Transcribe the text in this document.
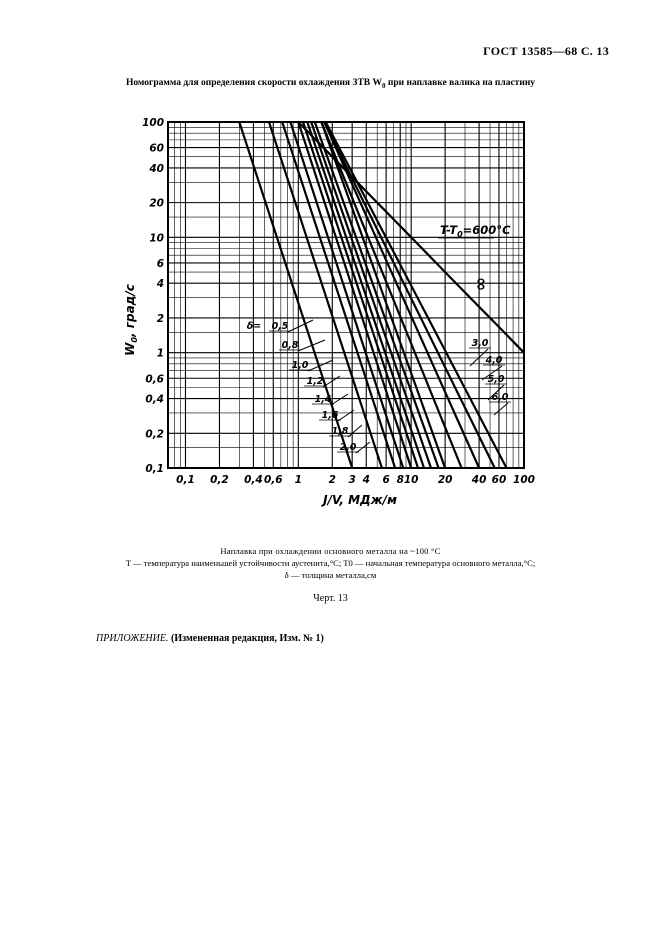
ГОСТ 13585—68 С. 13
Номограмма для определения скорости охлаждения ЗТВ $W_0$ при наплавке валика на пластину
0,1 0,2 0,4 0,6 1	2 3 4 6 8 10 20 40 60 100
0,1
0,2
0,4
0,6
1
2
4
6
10
20
40
60
100
0,5
0,8
1,0
1,2
1,4
1,6
1,8
2,0
3,0
4,0
5,0
6,0
δ=
$T-T_0=600^\circ C$
∞
J/V, МДж/м
$W_0$, град/с
Наплавка при охлаждении основного металла на ~100 °C
T — температура наименьшей устойчивости аустенита,°C; T0 — начальная температура основного металла,°C;
δ — толщина металла,см
Черт. 13
ПРИЛОЖЕНИЕ. (Измененная редакция, Изм. № 1)
